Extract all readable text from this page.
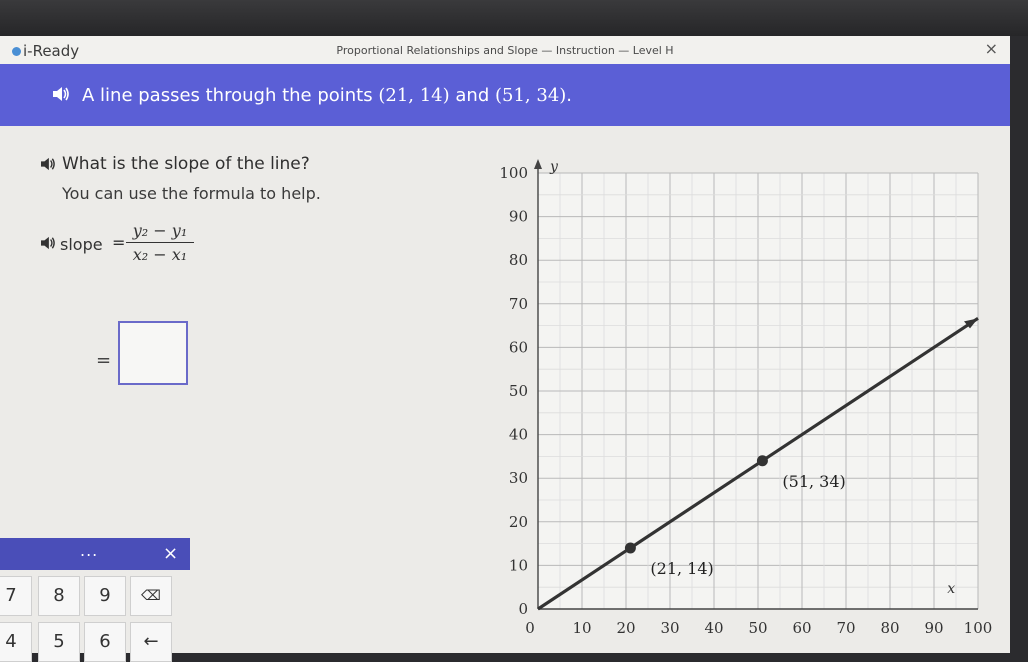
i-Ready	Proportional Relationships and Slope — Instruction — Level H	×
A line passes through the points (21, 14) and (51, 34).
What is the slope of the line?
You can use the formula to help.
slope = $\frac{\text{y₂ − y₁}}{\text{x₂ − x₁}}$
=
...	×
7	8	9	⌫
4	5	6	←
10 20 30 40 50 60 70 80 90 100
0
10
20
30
40
50
60
70
80
90
100
0
y
x
(21, 14)
(51, 34)
